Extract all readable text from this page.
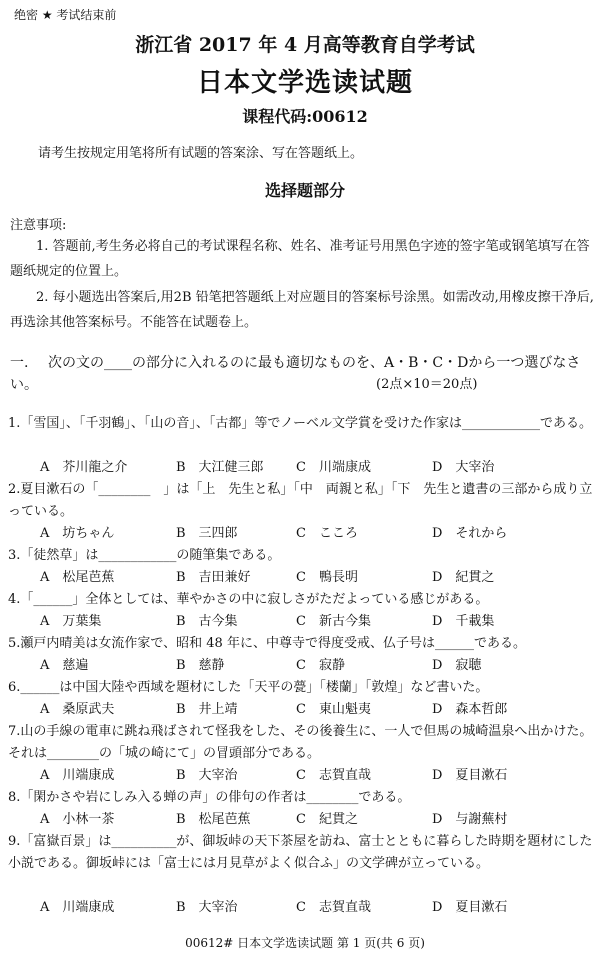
绝密 ★ 考试结束前
浙江省 2017 年 4 月高等教育自学考试
日本文学选读试题
课程代码:00612
请考生按规定用笔将所有试题的答案涂、写在答题纸上。
选择题部分
注意事项:
　　1. 答题前,考生务必将自己的考试课程名称、姓名、准考证号用黑色字迹的签字笔或钢笔填写在答题纸规定的位置上。
　　2. 每小题选出答案后,用2B 铅笔把答题纸上对应题目的答案标号涂黑。如需改动,用橡皮擦干净后,再选涂其他答案标号。不能答在试题卷上。
一. 次の文の____の部分に入れるのに最も適切なものを、A・B・C・Dから一つ選びなさい。	(2点×10＝20点)
1.「雪国」、「千羽鶴」、「山の音」、「古都」等でノーベル文学賞を受けた作家は____________である。
A　芥川龍之介	B　大江健三郎 C　川端康成	D　大宰治
2.夏目漱石の「________　」は「上　先生と私」「中　両親と私」「下　先生と遺書の三部から成り立っている。
A　坊ちゃん	B　三四郎	C　こころ	D　それから
3.「徒然草」は____________の随筆集である。
A　松尾芭蕉	B　吉田兼好	C　鴨長明	D　紀貫之
4.「______」全体としては、華やかさの中に寂しさがただよっている感じがある。
A　万葉集	B　古今集	C　新古今集	D　千載集
5.瀬戸内晴美は女流作家で、昭和 48 年に、中尊寺で得度受戒、仏子号は______である。
A　慈遍	B　慈静	C　寂静	D　寂聴
6.______は中国大陸や西域を題材にした「天平の甍」「楼蘭」「敦煌」など書いた。
A　桑原武夫	B　井上靖	C　東山魁夷	D　森本哲郎
7.山の手線の電車に跳ね飛ばされて怪我をした、その後養生に、一人で但馬の城崎温泉へ出かけた。それは________の「城の崎にて」の冒頭部分である。
A　川端康成	B　大宰治	C　志賀直哉	D　夏目漱石
8.「閑かさや岩にしみ入る蝉の声」の俳句の作者は________である。
A　小林一茶	B　松尾芭蕉	C　紀貫之	D　与謝蕪村
9.「富嶽百景」は__________が、御坂峠の天下茶屋を訪ね、富士とともに暮らした時期を題材にした小説である。御坂峠には「富士には月見草がよく似合ふ」の文学碑が立っている。
A　川端康成	B　大宰治	C　志賀直哉	D　夏目漱石
00612# 日本文学选读试题 第 1 页(共 6 页)
